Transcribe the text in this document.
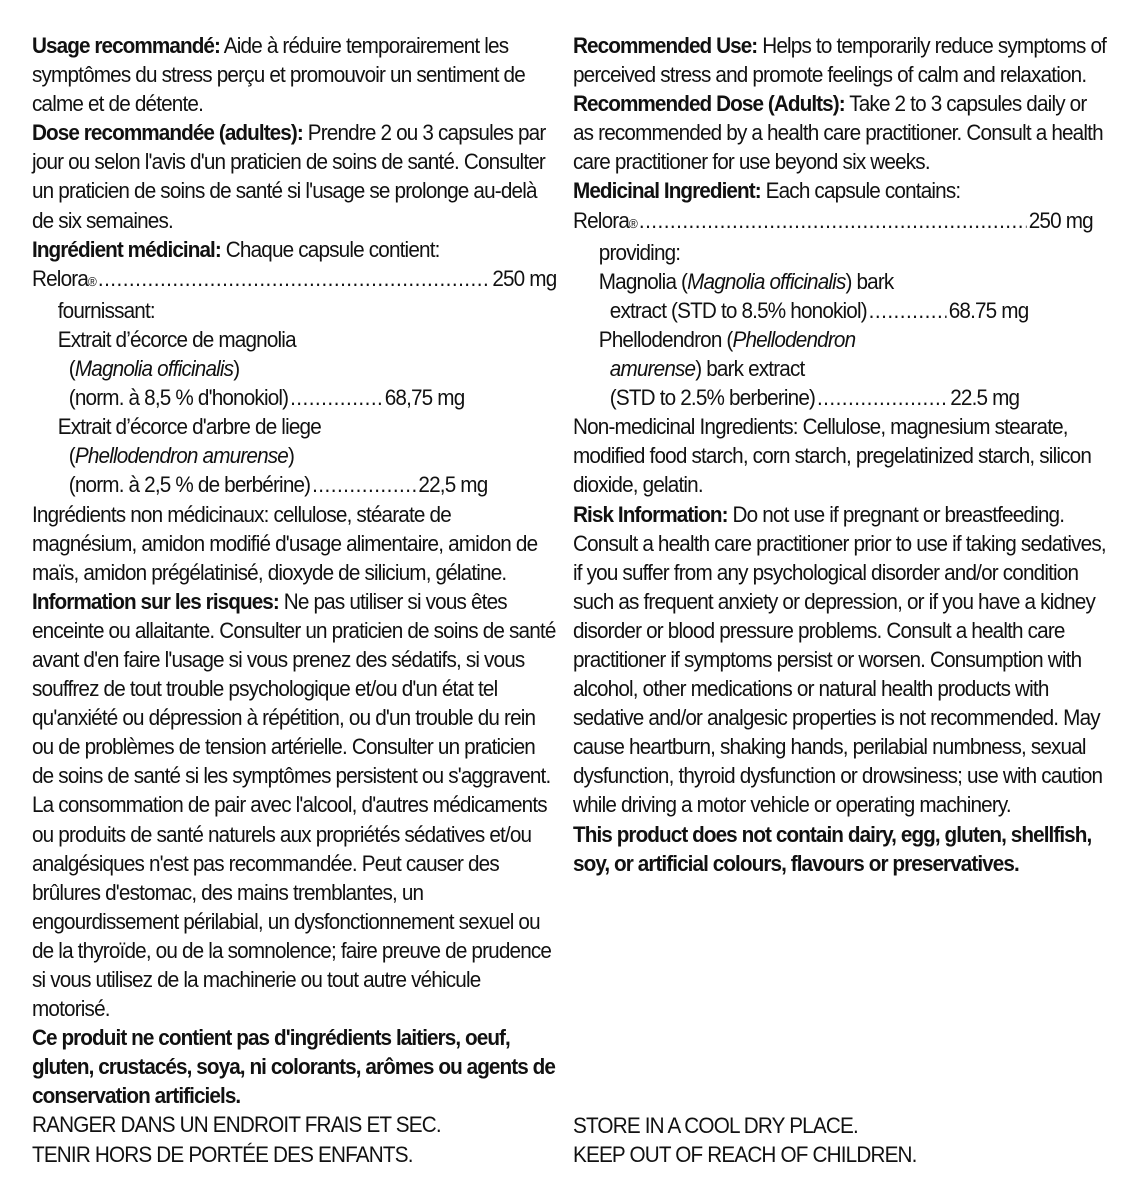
Usage recommandé: Aide à réduire temporairement les symptômes du stress perçu et promouvoir un sentiment de calme et de détente.

Dose recommandée (adultes): Prendre 2 ou 3 capsules par jour ou selon l'avis d'un praticien de soins de santé. Consulter un praticien de soins de santé si l'usage se prolonge au-delà de six semaines.

Ingrédient médicinal: Chaque capsule contient:

Relora ® .....	250 mg
fournissant:
Extrait d’écorce de magnolia
(Magnolia officinalis)
(norm. à 8,5 % d'honokiol) .....	68,75 mg
Extrait d’écorce d'arbre de liege
(Phellodendron amurense)
(norm. à 2,5 % de berbérine) .....	22,5 mg

Ingrédients non médicinaux: cellulose, stéarate de magnésium, amidon modifié d'usage alimentaire, amidon de maïs, amidon prégélatinisé, dioxyde de silicium, gélatine.

Information sur les risques: Ne pas utiliser si vous êtes enceinte ou allaitante. Consulter un praticien de soins de santé avant d'en faire l'usage si vous prenez des sédatifs, si vous souffrez de tout trouble psychologique et/ou d'un état tel qu'anxiété ou dépression à répétition, ou d'un trouble du rein ou de problèmes de tension artérielle. Consulter un praticien de soins de santé si les symptômes persistent ou s'aggravent. La consommation de pair avec l'alcool, d'autres médicaments ou produits de santé naturels aux propriétés sédatives et/ou analgésiques n'est pas recommandée. Peut causer des brûlures d'estomac, des mains tremblantes, un engourdissement périlabial, un dysfonctionnement sexuel ou de la thyroïde, ou de la somnolence; faire preuve de prudence si vous utilisez de la machinerie ou tout autre véhicule motorisé.

Ce produit ne contient pas d'ingrédients laitiers, oeuf, gluten, crustacés, soya, ni colorants, arômes ou agents de conservation artificiels.

RANGER DANS UN ENDROIT FRAIS ET SEC.

TENIR HORS DE PORTÉE DES ENFANTS.

Recommended Use: Helps to temporarily reduce symptoms of perceived stress and promote feelings of calm and relaxation.

Recommended Dose (Adults): Take 2 to 3 capsules daily or as recommended by a health care practitioner. Consult a health care practitioner for use beyond six weeks.

Medicinal Ingredient: Each capsule contains:

Relora ® .....	250 mg
providing:
Magnolia (Magnolia officinalis) bark
extract (STD to 8.5% honokiol) .....	68.75 mg
Phellodendron (Phellodendron
amurense) bark extract
(STD to 2.5% berberine) .....	22.5 mg

Non-medicinal Ingredients: Cellulose, magnesium stearate, modified food starch, corn starch, pregelatinized starch, silicon dioxide, gelatin.

Risk Information: Do not use if pregnant or breastfeeding. Consult a health care practitioner prior to use if taking sedatives, if you suffer from any psychological disorder and/or condition such as frequent anxiety or depression, or if you have a kidney disorder or blood pressure problems. Consult a health care practitioner if symptoms persist or worsen. Consumption with alcohol, other medications or natural health products with sedative and/or analgesic properties is not recommended. May cause heartburn, shaking hands, perilabial numbness, sexual dysfunction, thyroid dysfunction or drowsiness; use with caution while driving a motor vehicle or operating machinery.

This product does not contain dairy, egg, gluten, shellfish, soy, or artificial colours, flavours or preservatives.

STORE IN A COOL DRY PLACE.

KEEP OUT OF REACH OF CHILDREN.
